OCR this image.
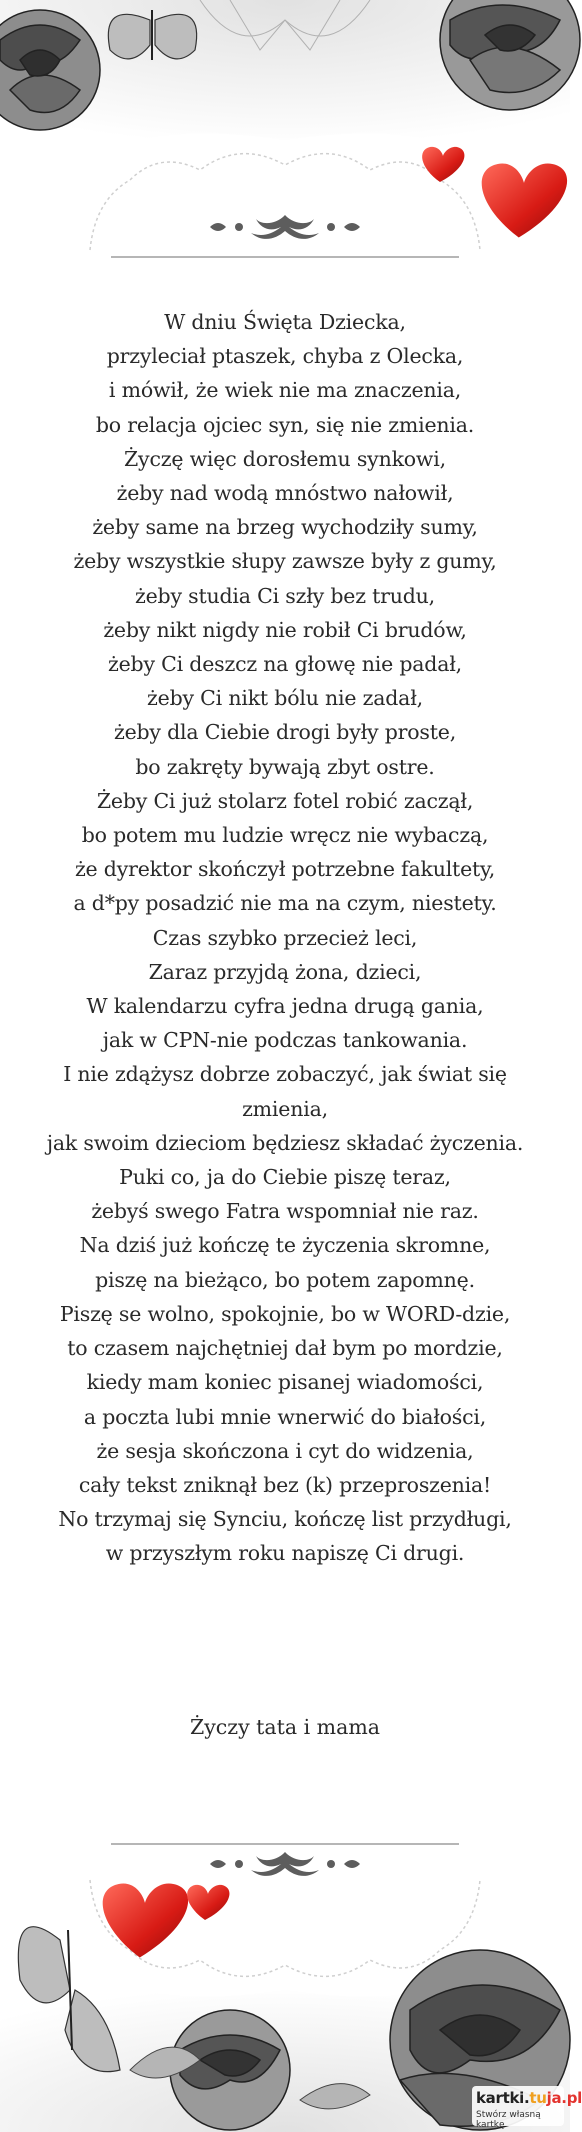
W dniu Święta Dziecka,
przyleciał ptaszek, chyba z Olecka,
i mówił, że wiek nie ma znaczenia,
bo relacja ojciec syn, się nie zmienia.
Życzę więc dorosłemu synkowi,
żeby nad wodą mnóstwo nałowił,
żeby same na brzeg wychodziły sumy,
żeby wszystkie słupy zawsze były z gumy,
żeby studia Ci szły bez trudu,
żeby nikt nigdy nie robił Ci brudów,
żeby Ci deszcz na głowę nie padał,
żeby Ci nikt bólu nie zadał,
żeby dla Ciebie drogi były proste,
bo zakręty bywają zbyt ostre.
Żeby Ci już stolarz fotel robić zaczął,
bo potem mu ludzie wręcz nie wybaczą,
że dyrektor skończył potrzebne fakultety,
a d*py posadzić nie ma na czym, niestety.
Czas szybko przecież leci,
Zaraz przyjdą żona, dzieci,
W kalendarzu cyfra jedna drugą gania,
jak w CPN-nie podczas tankowania.
I nie zdążysz dobrze zobaczyć, jak świat się
zmienia,
jak swoim dzieciom będziesz składać życzenia.
Puki co, ja do Ciebie piszę teraz,
żebyś swego Fatra wspomniał nie raz.
Na dziś już kończę te życzenia skromne,
piszę na bieżąco, bo potem zapomnę.
Piszę se wolno, spokojnie, bo w WORD-dzie,
to czasem najchętniej dał bym po mordzie,
kiedy mam koniec pisanej wiadomości,
a poczta lubi mnie wnerwić do białości,
że sesja skończona i cyt do widzenia,
cały tekst zniknął bez (k) przeproszenia!
No trzymaj się Synciu, kończę list przydługi,
w przyszłym roku napiszę Ci drugi.
Życzy tata i mama
kartki.tuja.pl
Stwórz własną kartkę
